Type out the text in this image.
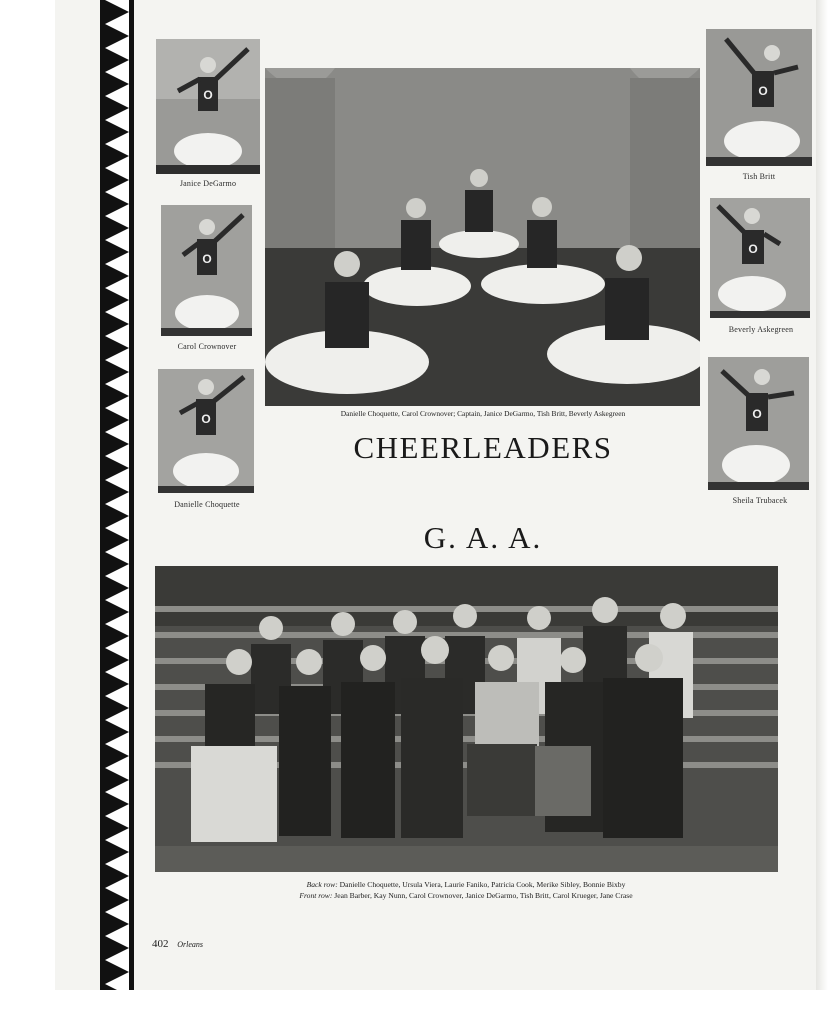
O
Janice DeGarmo
O
Carol Crownover
O
Danielle Choquette
O
Tish Britt
O
Beverly Askegreen
O
Sheila Trubacek
Danielle Choquette, Carol Crownover; Captain, Janice DeGarmo, Tish Britt, Beverly Askegreen
CHEERLEADERS
G. A. A.
Back row: Danielle Choquette, Ursula Viera, Laurie Faniko, Patricia Cook, Merike Sibley, Bonnie Bixby
Front row: Jean Barber, Kay Nunn, Carol Crownover, Janice DeGarmo, Tish Britt, Carol Krueger, Jane Crase
402 Orleans
